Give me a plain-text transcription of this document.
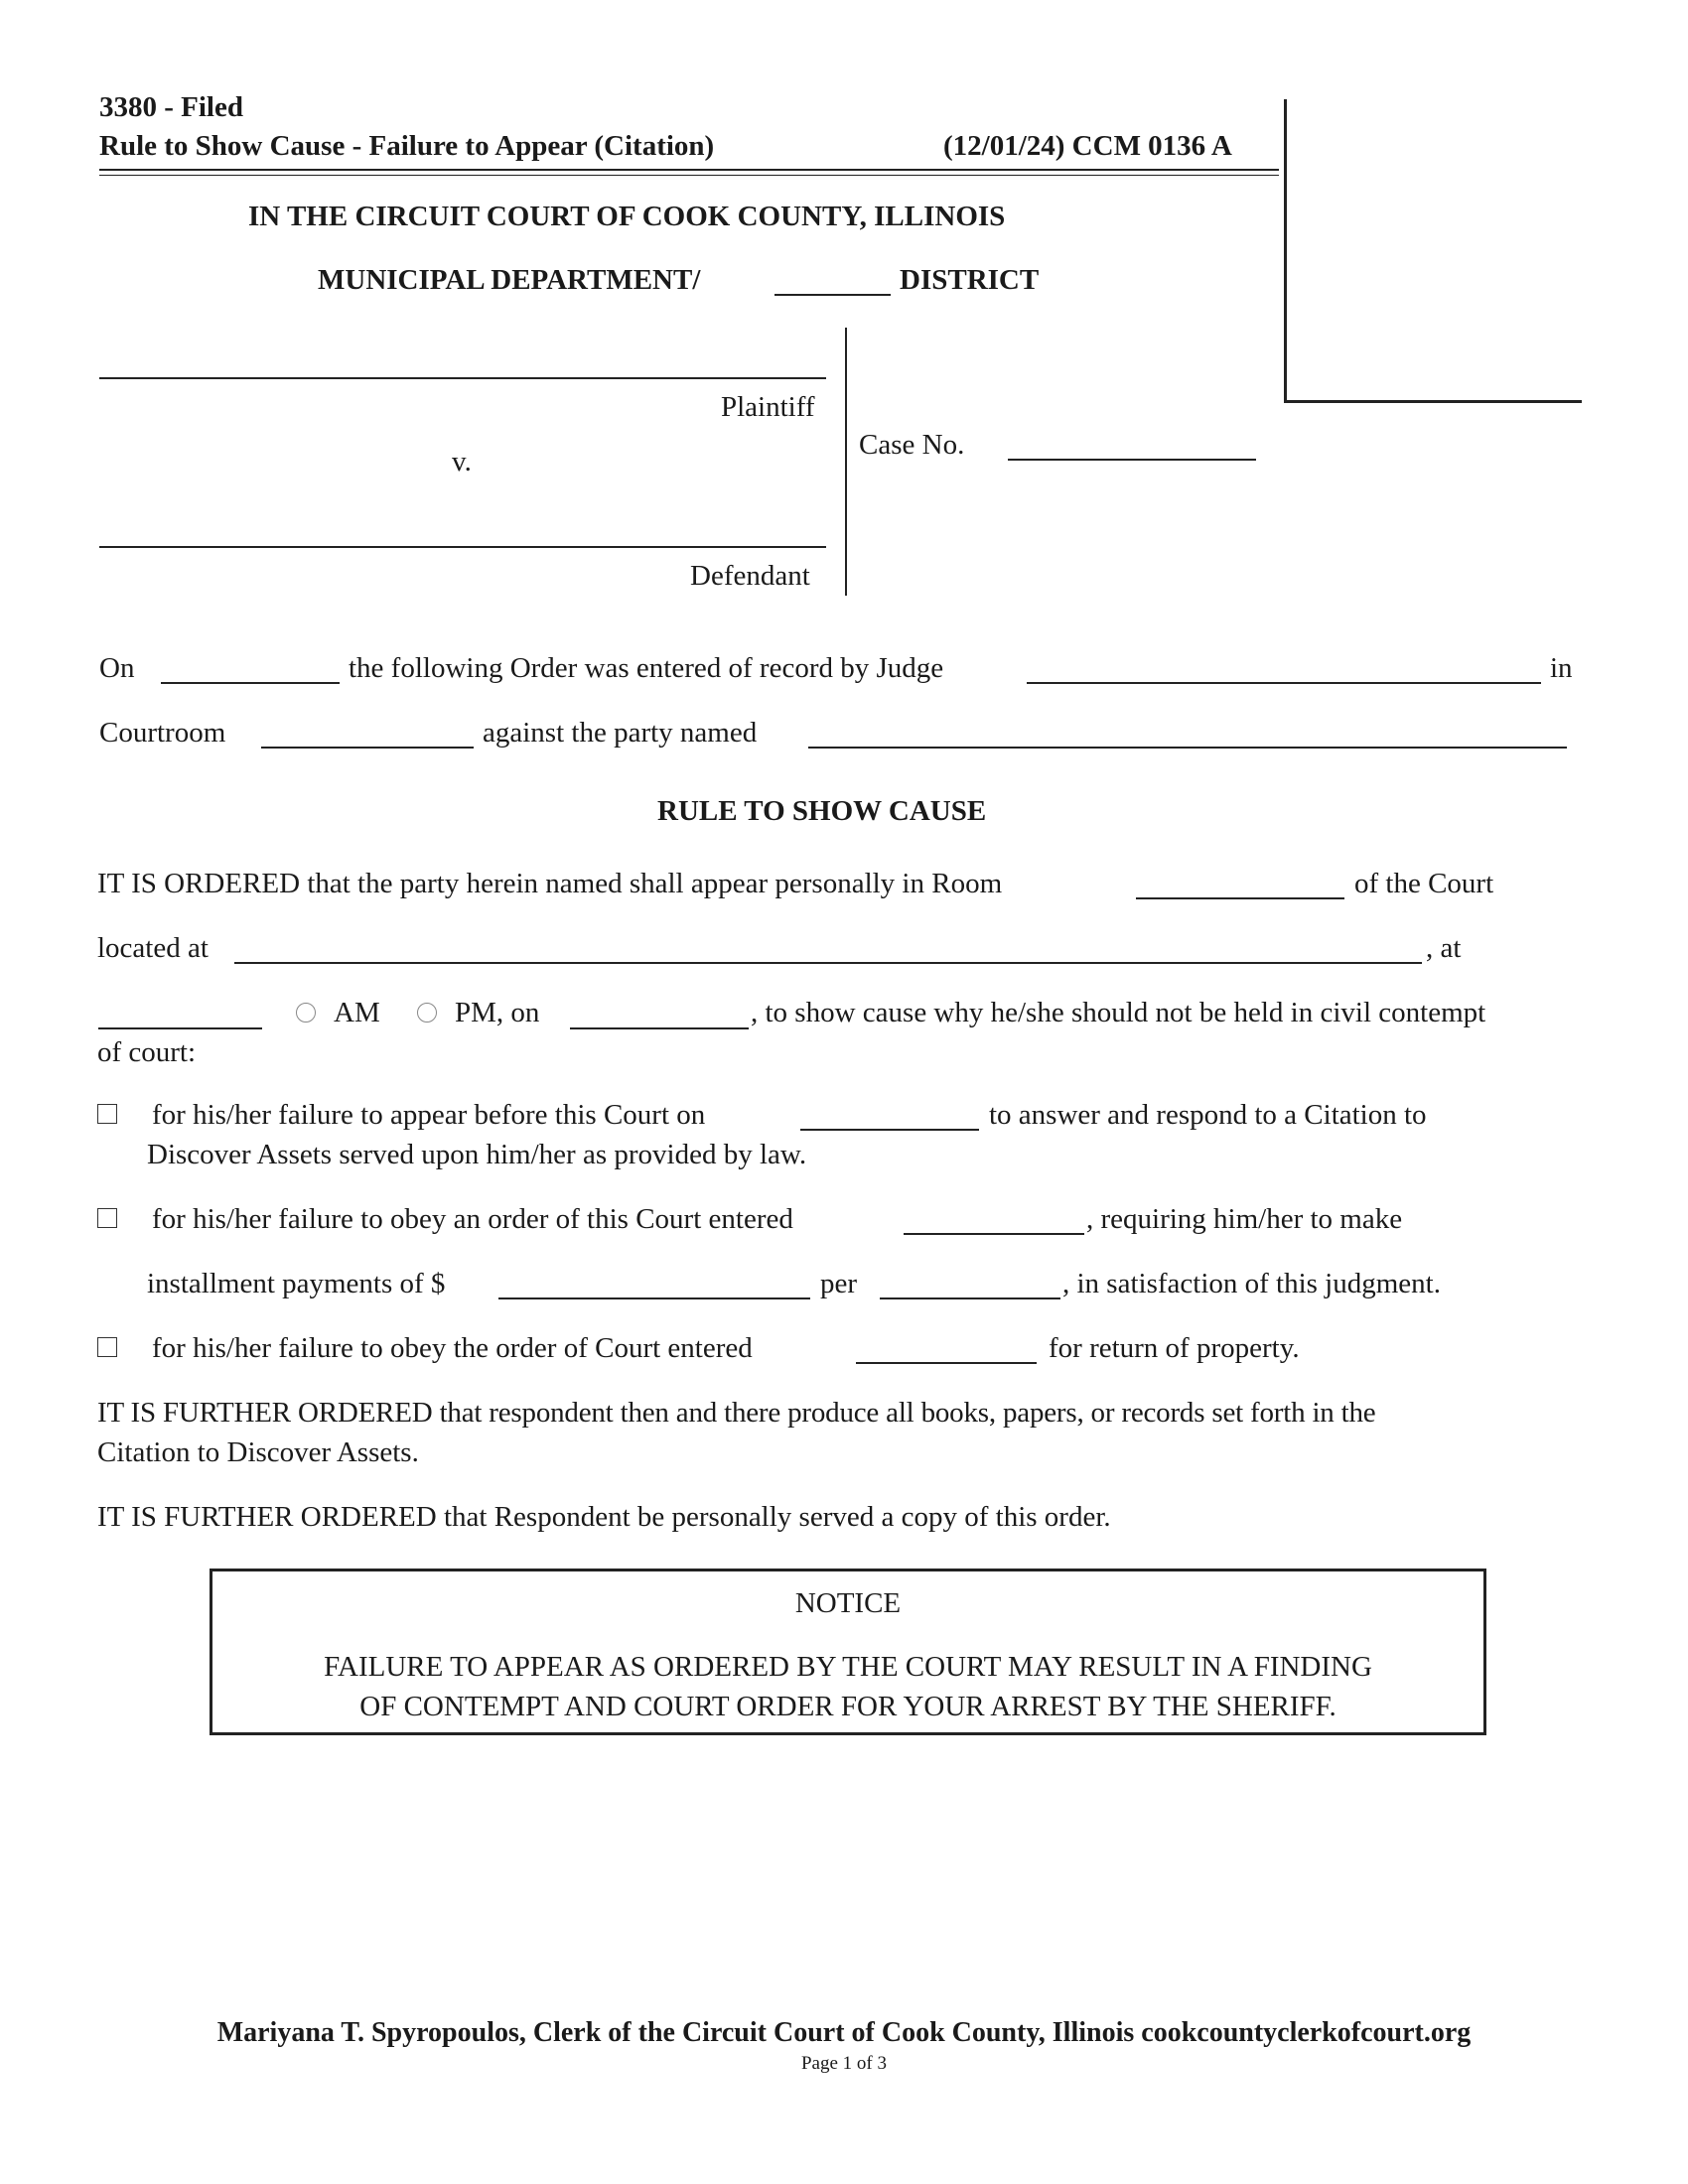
3380 - Filed
Rule to Show Cause - Failure to Appear (Citation)	(12/01/24) CCM 0136 A
IN THE CIRCUIT COURT OF COOK COUNTY, ILLINOIS
MUNICIPAL DEPARTMENT/	DISTRICT
Plaintiff
v.
Defendant
Case No.
On	the following Order was entered of record by Judge	in
Courtroom	against the party named
RULE TO SHOW CAUSE
IT IS ORDERED that the party herein named shall appear personally in Room	of the Court
located at	, at
AM	PM, on	, to show cause why he/she should not be held in civil contempt
of court:
for his/her failure to appear before this Court on	to answer and respond to a Citation to
Discover Assets served upon him/her as provided by law.
for his/her failure to obey an order of this Court entered	, requiring him/her to make
installment payments of $	per	, in satisfaction of this judgment.
for his/her failure to obey the order of Court entered	for return of property.
IT IS FURTHER ORDERED that respondent then and there produce all books, papers, or records set forth in the
Citation to Discover Assets.
IT IS FURTHER ORDERED that Respondent be personally served a copy of this order.
NOTICE
FAILURE TO APPEAR AS ORDERED BY THE COURT MAY RESULT IN A FINDING
OF CONTEMPT AND COURT ORDER FOR YOUR ARREST BY THE SHERIFF.
Mariyana T. Spyropoulos, Clerk of the Circuit Court of Cook County, Illinois cookcountyclerkofcourt.org
Page 1 of 3
